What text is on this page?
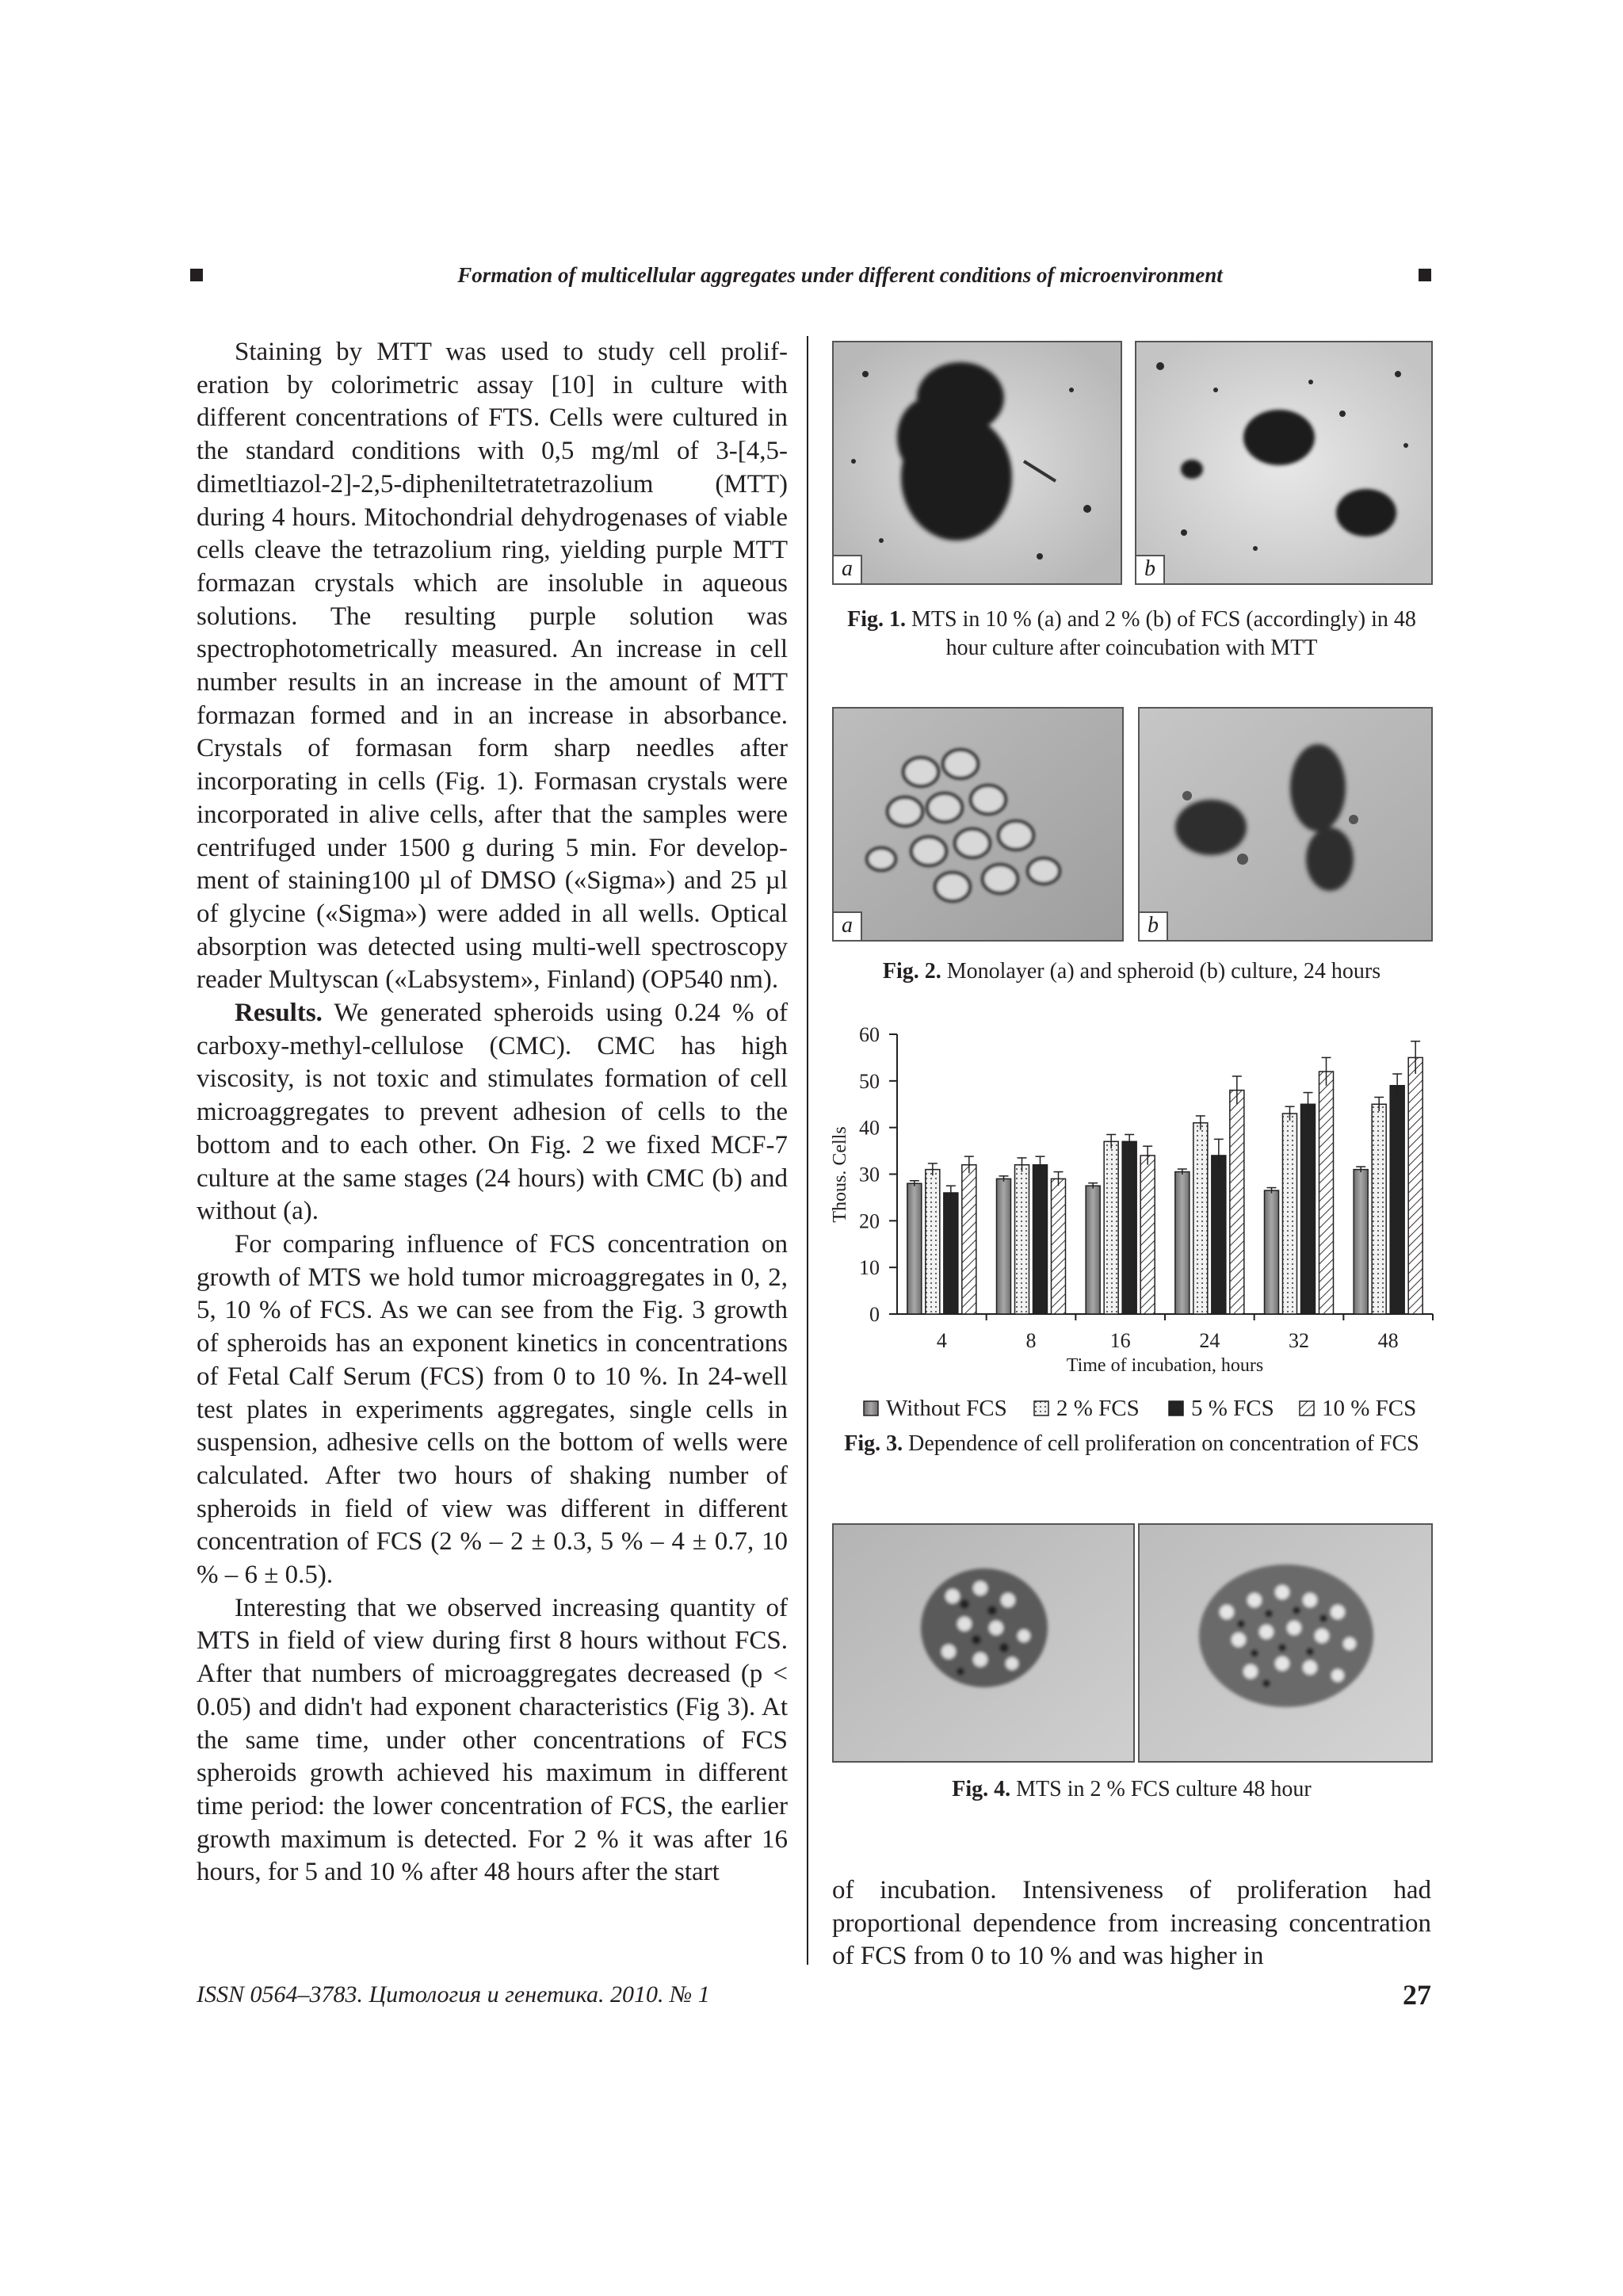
Formation of multicellular aggregates under different conditions of microenvironment

Staining by MTT was used to study cell proliferation by colorimetric assay [10] in culture with different concentrations of FTS. Cells were cultured in the standard conditions with 0,5 mg/ml of 3-[4,5-dimetltiazol-2]-2,5-dipheniltetratetrazolium (MTT) during 4 hours. Mitochondrial dehydrogenases of viable cells cleave the tetrazolium ring, yielding purple MTT formazan crystals which are insoluble in aqueous solutions. The resulting purple solution was spectrophotometrically measured. An increase in cell number results in an increase in the amount of MTT formazan formed and in an increase in absorbance. Crystals of formasan form sharp needles after incorporating in cells (Fig. 1). Formasan crystals were incorporated in alive cells, after that the samples were centrifuged under 1500 g during 5 min. For development of staining100 µl of DMSO («Sigma») and 25 µl of glycine («Sigma») were added in all wells. Optical absorption was detected using multi-well spectroscopy reader Multyscan («Labsystem», Finland) (OP540 nm).

Results. We generated spheroids using 0.24 % of carboxy-methyl-cellulose (CMC). CMC has high viscosity, is not toxic and stimulates formation of cell microaggregates to prevent adhesion of cells to the bottom and to each other. On Fig. 2 we fixed MCF-7 culture at the same stages (24 hours) with CMC (b) and without (a).

For comparing influence of FCS concentration on growth of MTS we hold tumor microaggregates in 0, 2, 5, 10 % of FCS. As we can see from the Fig. 3 growth of spheroids has an exponent kinetics in concentrations of Fetal Calf Serum (FCS) from 0 to 10 %. In 24-well test plates in experiments aggregates, single cells in suspension, adhesive cells on the bottom of wells were calculated. After two hours of shaking number of spheroids in field of view was different in different concentration of FCS (2 % – 2 ± 0.3, 5 % – 4 ± 0.7, 10 % – 6 ± 0.5).

Interesting that we observed increasing quantity of MTS in field of view during first 8 hours without FCS. After that numbers of microaggregates decreased (p < 0.05) and didn't had exponent characteristics (Fig 3). At the same time, under other concentrations of FCS spheroids growth achieved his maximum in different time period: the lower concentration of FCS, the earlier growth maximum is detected. For 2 % it was after 16 hours, for 5 and 10 % after 48 hours after the start

a	b
Fig. 1. MTS in 10 % (a) and 2 % (b) of FCS (accordingly) in 48 hour culture after coincubation with MTT
a	b
Fig. 2. Monolayer (a) and spheroid (b) culture, 24 hours
0
10
20
30
40
50
60
4	8	16	24	32	48
Thous. Cells
Time of incubation, hours
Without FCS 2 % FCS 5 % FCS 10 % FCS
Fig. 3. Dependence of cell proliferation on concentration of FCS
Fig. 4. MTS in 2 % FCS culture 48 hour

of incubation. Intensiveness of proliferation had proportional dependence from increasing concentration of FCS from 0 to 10 % and was higher in

ISSN 0564–3783. Цитология и генетика. 2010. № 1	27
